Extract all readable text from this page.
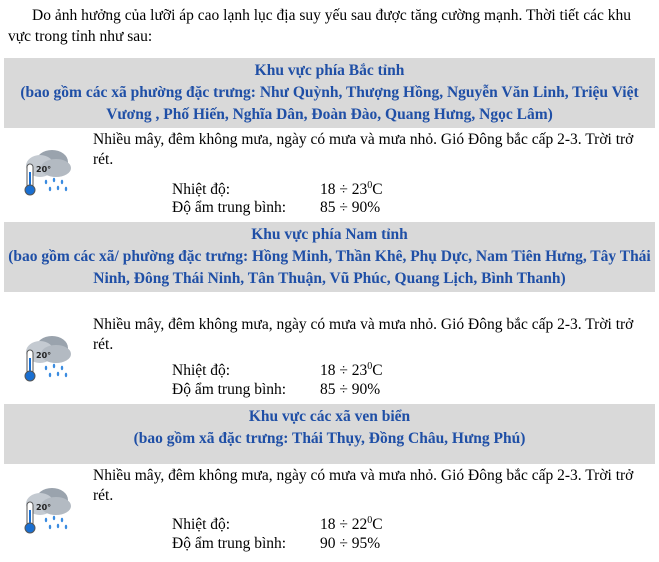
Do ảnh hưởng của lưỡi áp cao lạnh lục địa suy yếu sau được tăng cường mạnh. Thời tiết các khu vực trong tỉnh như sau:
Khu vực phía Bắc tỉnh
(bao gồm các xã phường đặc trưng: Như Quỳnh, Thượng Hồng, Nguyễn Văn Linh, Triệu Việt Vương , Phố Hiến, Nghĩa Dân, Đoàn Đào, Quang Hưng, Ngọc Lâm)
20°
Nhiều mây, đêm không mưa, ngày có mưa và mưa nhỏ. Gió Đông bắc cấp 2-3. Trời trở rét.
Nhiệt độ:	$18 \div 23^0C$
Độ ẩm trung bình: 85 ÷ 90%
Khu vực phía Nam tỉnh
(bao gồm các xã/ phường đặc trưng: Hồng Minh, Thần Khê, Phụ Dực, Nam Tiên Hưng, Tây Thái Ninh, Đông Thái Ninh, Tân Thuận, Vũ Phúc, Quang Lịch, Bình Thanh)
20°
Nhiều mây, đêm không mưa, ngày có mưa và mưa nhỏ. Gió Đông bắc cấp 2-3. Trời trở rét.
Nhiệt độ:	$18 \div 23^0C$
Độ ẩm trung bình: 85 ÷ 90%
Khu vực các xã ven biển
(bao gồm xã đặc trưng: Thái Thụy, Đồng Châu, Hưng Phú)
20°
Nhiều mây, đêm không mưa, ngày có mưa và mưa nhỏ. Gió Đông bắc cấp 2-3. Trời trở rét.
Nhiệt độ:	$18 \div 22^0C$
Độ ẩm trung bình: 90 ÷ 95%
